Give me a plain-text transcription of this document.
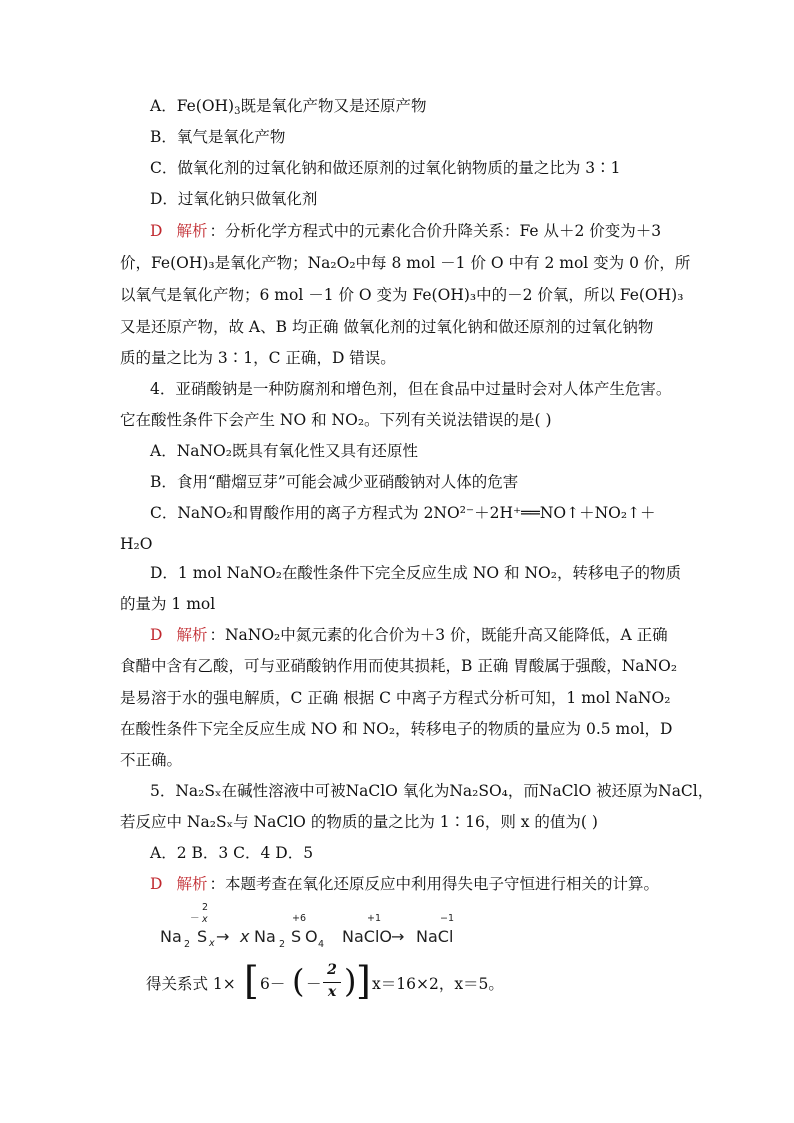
A．$Fe(OH)_3$既是氧化产物又是还原产物
B．氧气是氧化产物
C．做氧化剂的过氧化钠和做还原剂的过氧化钠物质的量之比为 3∶1
D．过氧化钠只做氧化剂
D 解析 ：分析化学方程式中的元素化合价升降关系：Fe 从＋2 价变为＋3
价，Fe(OH)₃是氧化产物；Na₂O₂中每 8 mol －1 价 O 中有 2 mol 变为 0 价，所
以氧气是氧化产物；6 mol －1 价 O 变为 Fe(OH)₃中的－2 价氧，所以 Fe(OH)₃
又是还原产物，故 A、B 均正确 做氧化剂的过氧化钠和做还原剂的过氧化钠物
质的量之比为 3∶1，C 正确，D 错误。
4．亚硝酸钠是一种防腐剂和增色剂，但在食品中过量时会对人体产生危害。
它在酸性条件下会产生 NO 和 NO₂。下列有关说法错误的是( )
A．NaNO₂既具有氧化性又具有还原性
B．食用“醋熘豆芽”可能会减少亚硝酸钠对人体的危害
C．NaNO₂和胃酸作用的离子方程式为 2NO²⁻＋2H⁺══NO↑＋NO₂↑＋
H₂O
D．1 mol NaNO₂在酸性条件下完全反应生成 NO 和 NO₂，转移电子的物质
的量为 1 mol
D 解析 ：NaNO₂中氮元素的化合价为＋3 价，既能升高又能降低，A 正确
食醋中含有乙酸，可与亚硝酸钠作用而使其损耗，B 正确 胃酸属于强酸，NaNO₂
是易溶于水的强电解质，C 正确 根据 C 中离子方程式分析可知，1 mol NaNO₂
在酸性条件下完全反应生成 NO 和 NO₂，转移电子的物质的量应为 0.5 mol，D
不正确。
5．Na₂Sₓ在碱性溶液中可被NaClO 氧化为Na₂SO₄，而NaClO 被还原为NaCl，
若反应中 Na₂Sₓ与 NaClO 的物质的量之比为 1∶16，则 x 的值为( )
A．2 B．3 C．4 D．5
D 解析 ：本题考查在氧化还原反应中利用得失电子守恒进行相关的计算。
Na 2 S x
－
2
x
→ x Na 2 S
+6
O 4 NaClO
+1
→ NaCl
−1
得关系式 1× [ 6－ ( －
2
x ) ] x＝16×2，x＝5。
